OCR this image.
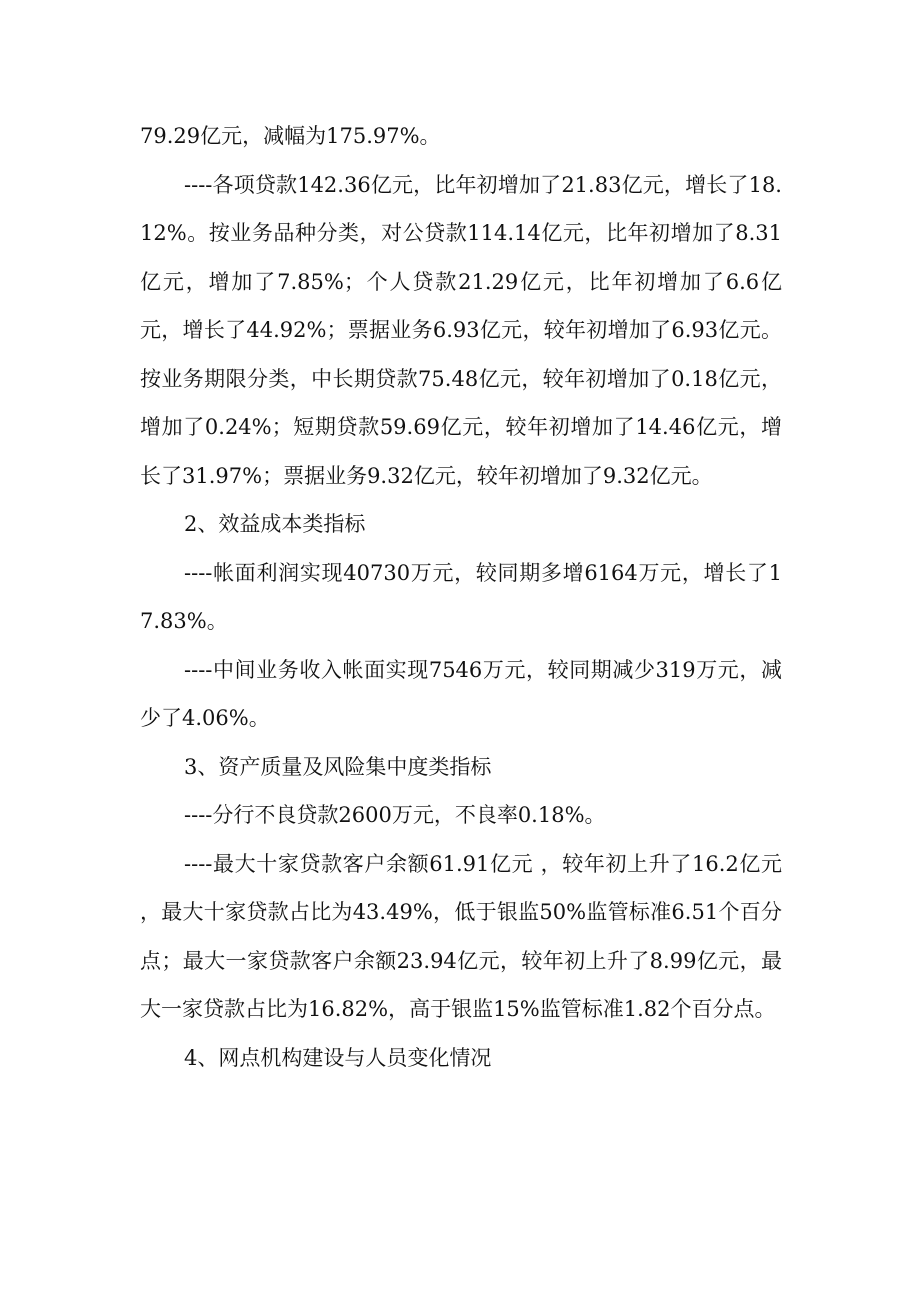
79.29亿元，减幅为175.97%。

----各项贷款142.36亿元，比年初增加了21.83亿元，增长了18.12%。按业务品种分类，对公贷款114.14亿元，比年初增加了8.31亿元，增加了7.85%；个人贷款21.29亿元，比年初增加了6.6亿元，增长了44.92%；票据业务6.93亿元，较年初增加了6.93亿元。按业务期限分类，中长期贷款75.48亿元，较年初增加了0.18亿元，增加了0.24%；短期贷款59.69亿元，较年初增加了14.46亿元，增长了31.97%；票据业务9.32亿元，较年初增加了9.32亿元。

2、效益成本类指标

----帐面利润实现40730万元，较同期多增6164万元，增长了17.83%。

----中间业务收入帐面实现7546万元，较同期减少319万元，减少了4.06%。

3、资产质量及风险集中度类指标

----分行不良贷款2600万元，不良率0.18%。

----最大十家贷款客户余额61.91亿元 ，较年初上升了16.2亿元 ，最大十家贷款占比为43.49%，低于银监50%监管标准6.51个百分点；最大一家贷款客户余额23.94亿元，较年初上升了8.99亿元，最大一家贷款占比为16.82%，高于银监15%监管标准1.82个百分点。

4、网点机构建设与人员变化情况
